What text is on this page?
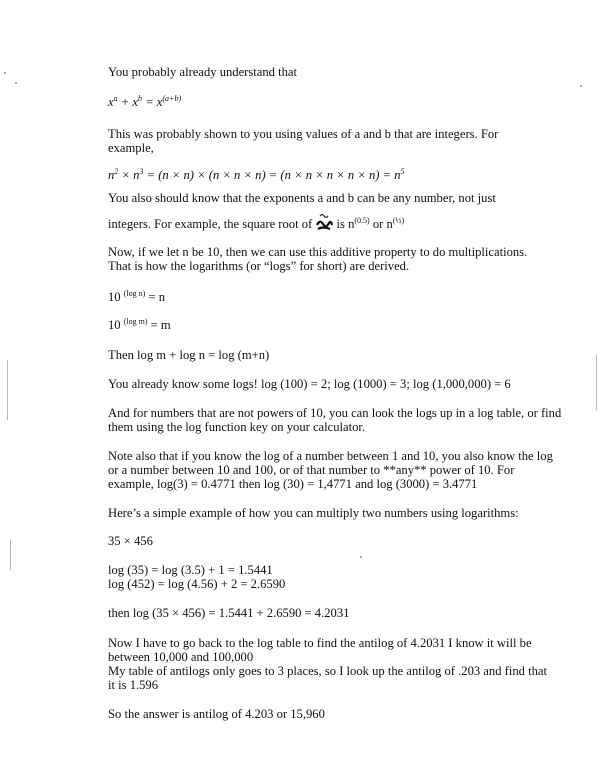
You probably already understand that
$x^a + x^b = x^{(a+b)}$
This was probably shown to you using values of a and b that are integers. For
example,
$n^2 \times n^3 = (n \times n) \times (n \times n \times n) = (n \times n \times n \times n \times n) = n^5$
You also should know that the exponents a and b can be any number, not just
integers. For example, the square root of
is $n^{(0.5)}$ or $n^{(\frac{1}{2})}$
Now, if we let n be 10, then we can use this additive property to do multiplications.
That is how the logarithms (or “logs” for short) are derived.
10 $^{(log n)}$ = n
10 $^{(log m)}$ = m
Then log m + log n = log (m+n)
You already know some logs! log (100) = 2; log (1000) = 3; log (1,000,000) = 6
And for numbers that are not powers of 10, you can look the logs up in a log table, or find
them using the log function key on your calculator.
Note also that if you know the log of a number between 1 and 10, you also know the log
or a number between 10 and 100, or of that number to **any** power of 10. For
example, log(3) = 0.4771 then log (30) = 1,4771 and log (3000) = 3.4771
Here’s a simple example of how you can multiply two numbers using logarithms:
35 × 456
log (35) = log (3.5) + 1 = 1.5441
log (452) = log (4.56) + 2 = 2.6590
then log (35 × 456) = 1.5441 + 2.6590 = 4.2031
Now I have to go back to the log table to find the antilog of 4.2031 I know it will be
between 10,000 and 100,000
My table of antilogs only goes to 3 places, so I look up the antilog of .203 and find that
it is 1.596
So the answer is antilog of 4.203 or 15,960
